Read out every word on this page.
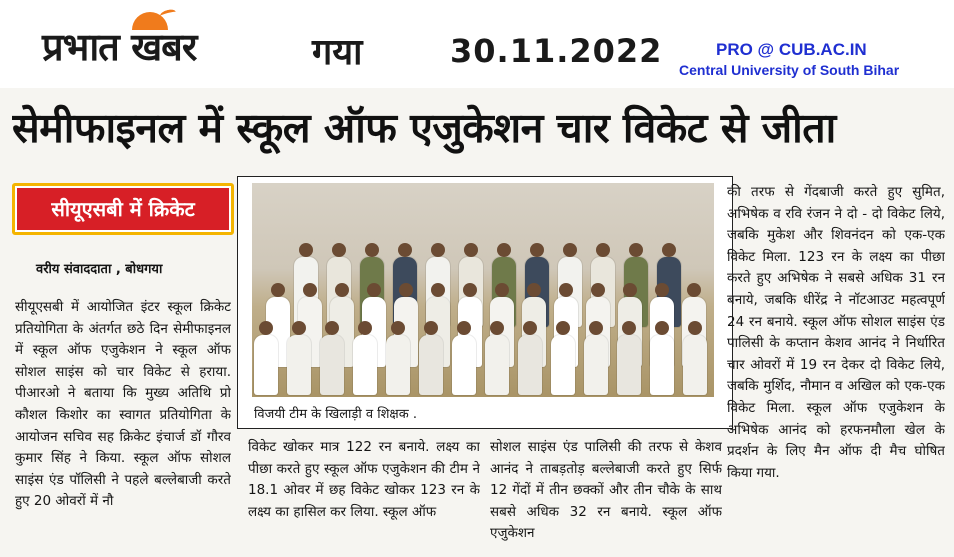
प्रभात खबर	गया	30.11.2022	PRO @ CUB.AC.IN
Central University of South Bihar
सेमीफाइनल में स्कूल ऑफ एजुकेशन चार विकेट से जीता
सीयूएसबी में क्रिकेट
वरीय संवाददाता , बोधगया
सीयूएसबी में आयोजित इंटर स्कूल क्रिकेट प्रतियोगिता के अंतर्गत छठे दिन सेमीफाइनल में स्कूल ऑफ एजुकेशन ने स्कूल ऑफ सोशल साइंस को चार विकेट से हराया. पीआरओ ने बताया कि मुख्य अतिथि प्रो कौशल किशोर का स्वागत प्रतियोगिता के आयोजन सचिव सह क्रिकेट इंचार्ज डॉ गौरव कुमार सिंह ने किया. स्कूल ऑफ सोशल साइंस एंड पॉलिसी ने पहले बल्लेबाजी करते हुए 20 ओवरों में नौ
विजयी टीम के खिलाड़ी व शिक्षक .
विकेट खोकर मात्र 122 रन बनाये. लक्ष्य का पीछा करते हुए स्कूल ऑफ एजुकेशन की टीम ने 18.1 ओवर में छह विकेट खोकर 123 रन के लक्ष्य का हासिल कर लिया. स्कूल ऑफ
सोशल साइंस एंड पालिसी की तरफ से केशव आनंद ने ताबड़तोड़ बल्लेबाजी करते हुए सिर्फ 12 गेंदों में तीन छक्कों और तीन चौके के साथ सबसे अधिक 32 रन बनाये. स्कूल ऑफ एजुकेशन
की तरफ से गेंदबाजी करते हुए सुमित, अभिषेक व रवि रंजन ने दो - दो विकेट लिये, जबकि मुकेश और शिवनंदन को एक-एक विकेट मिला. 123 रन के लक्ष्य का पीछा करते हुए अभिषेक ने सबसे अधिक 31 रन बनाये, जबकि धीरेंद्र ने नॉटआउट महत्वपूर्ण 24 रन बनाये. स्कूल ऑफ सोशल साइंस एंड पालिसी के कप्तान केशव आनंद ने निर्धारित चार ओवरों में 19 रन देकर दो विकेट लिये, जबकि मुर्शिद, नौमान व अखिल को एक-एक विकेट मिला. स्कूल ऑफ एजुकेशन के अभिषेक आनंद को हरफनमौला खेल के प्रदर्शन के लिए मैन ऑफ दी मैच घोषित किया गया.
